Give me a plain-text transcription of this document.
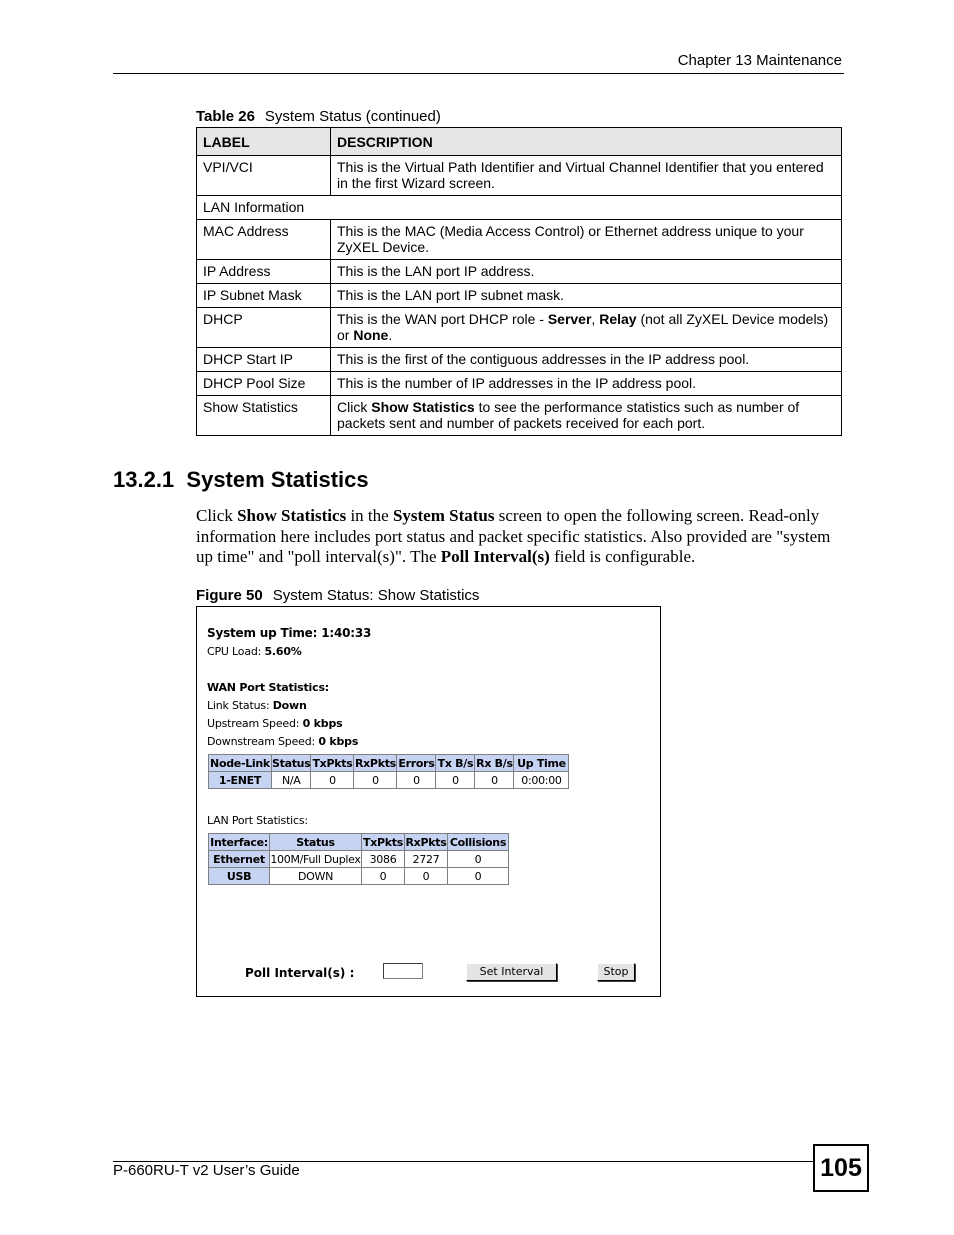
Chapter 13 Maintenance
Table 26 System Status (continued)
LABEL	DESCRIPTION
VPI/VCI	This is the Virtual Path Identifier and Virtual Channel Identifier that you entered in the first Wizard screen.
LAN Information	
MAC Address	This is the MAC (Media Access Control) or Ethernet address unique to your ZyXEL Device.
IP Address	This is the LAN port IP address.
IP Subnet Mask	This is the LAN port IP subnet mask.
DHCP	This is the WAN port DHCP role - Server, Relay (not all ZyXEL Device models) or None.
DHCP Start IP	This is the first of the contiguous addresses in the IP address pool.
DHCP Pool Size	This is the number of IP addresses in the IP address pool.
Show Statistics	Click Show Statistics to see the performance statistics such as number of packets sent and number of packets received for each port.
13.2.1 System Statistics
Click Show Statistics in the System Status screen to open the following screen. Read-only information here includes port status and packet specific statistics. Also provided are "system up time" and "poll interval(s)". The Poll Interval(s) field is configurable.
Figure 50 System Status: Show Statistics
System up Time: 1:40:33
CPU Load: 5.60%
WAN Port Statistics:
Link Status: Down
Upstream Speed: 0 kbps
Downstream Speed: 0 kbps
Node-Link	Status	TxPkts	RxPkts	Errors	Tx B/s	Rx B/s	Up Time
1-ENET	N/A	0	0	0	0	0	0:00:00
LAN Port Statistics:
Interface:	Status	TxPkts	RxPkts	Collisions
Ethernet	100M/Full Duplex	3086	2727	0
USB	DOWN	0	0	0
Poll Interval(s) :	Set Interval	Stop
P-660RU-T v2 User’s Guide	105
